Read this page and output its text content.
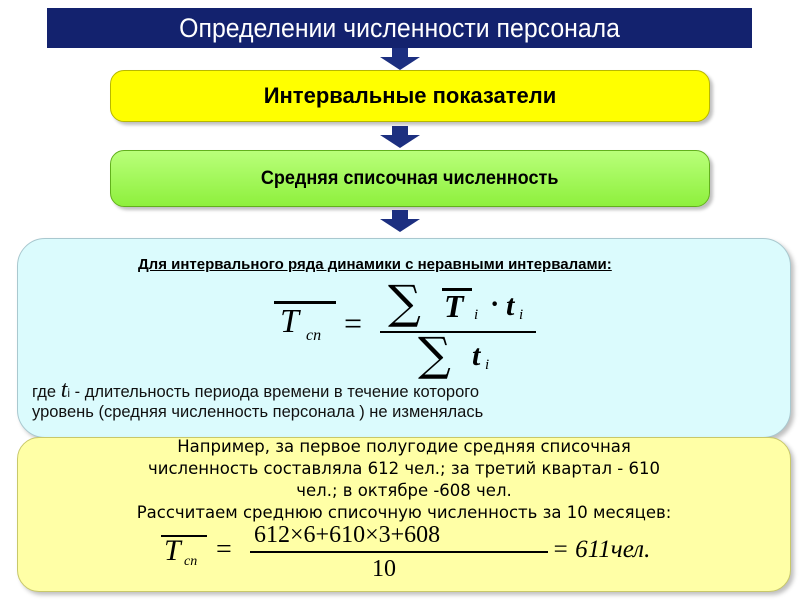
Определении численности персонала
Интервальные показатели
Средняя списочная численность
Для интервального ряда динамики с неравными интервалами:
T сп = ∑ T i · t i
∑ t i
где ti - длительность периода времени в течение которого
уровень (средняя численность персонала ) не изменялась
Например, за первое полугодие средняя списочная
численность составляла 612 чел.; за третий квартал - 610
чел.; в октябре -608 чел.
Рассчитаем среднюю списочную численность за 10 месяцев:
T сп = 612×6+610×3+608
10
= 611чел.
